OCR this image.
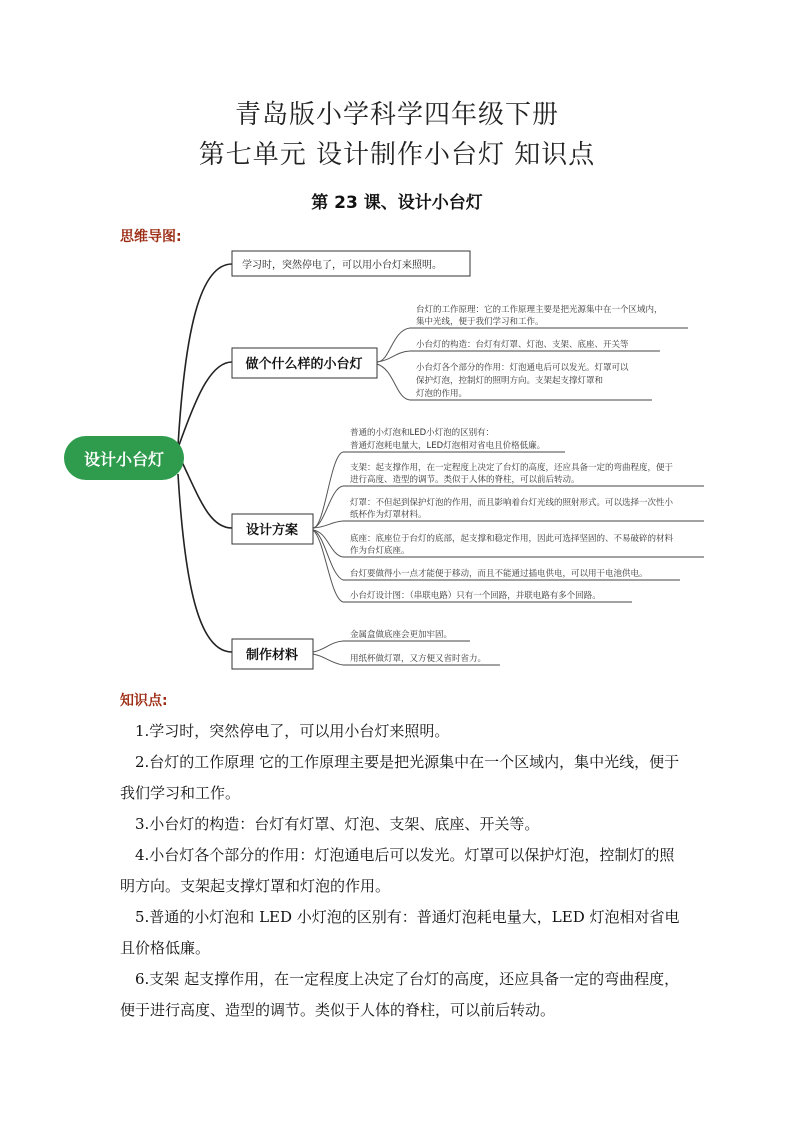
青岛版小学科学四年级下册
第七单元 设计制作小台灯 知识点
第 23 课、设计小台灯
思维导图:
设计小台灯
学习时，突然停电了，可以用小台灯来照明。
做个什么样的小台灯
设计方案
制作材料
台灯的工作原理：它的工作原理主要是把光源集中在一个区域内，
集中光线，便于我们学习和工作。
小台灯的构造：台灯有灯罩、灯泡、支架、底座、开关等
小台灯各个部分的作用：灯泡通电后可以发光。灯罩可以
保护灯泡，控制灯的照明方向。支架起支撑灯罩和
灯泡的作用。
普通的小灯泡和LED小灯泡的区别有：
普通灯泡耗电量大，LED灯泡相对省电且价格低廉。
支架：起支撑作用，在一定程度上决定了台灯的高度，还应具备一定的弯曲程度，便于
进行高度、造型的调节。类似于人体的脊柱，可以前后转动。
灯罩：不但起到保护灯泡的作用，而且影响着台灯光线的照射形式。可以选择一次性小
纸杯作为灯罩材料。
底座：底座位于台灯的底部，起支撑和稳定作用，因此可选择坚固的、不易破碎的材料
作为台灯底座。
台灯要做得小一点才能便于移动，而且不能通过插电供电，可以用干电池供电。
小台灯设计图：（串联电路）只有一个回路，并联电路有多个回路。
金属盒做底座会更加牢固。
用纸杯做灯罩，又方便又省时省力。
知识点:

1.学习时，突然停电了，可以用小台灯来照明。

2.台灯的工作原理 它的工作原理主要是把光源集中在一个区域内，集中光线，便于我们学习和工作。

3.小台灯的构造：台灯有灯罩、灯泡、支架、底座、开关等。

4.小台灯各个部分的作用：灯泡通电后可以发光。灯罩可以保护灯泡，控制灯的照明方向。支架起支撑灯罩和灯泡的作用。

5.普通的小灯泡和 LED 小灯泡的区别有：普通灯泡耗电量大，LED 灯泡相对省电且价格低廉。

6.支架 起支撑作用，在一定程度上决定了台灯的高度，还应具备一定的弯曲程度，便于进行高度、造型的调节。类似于人体的脊柱，可以前后转动。
